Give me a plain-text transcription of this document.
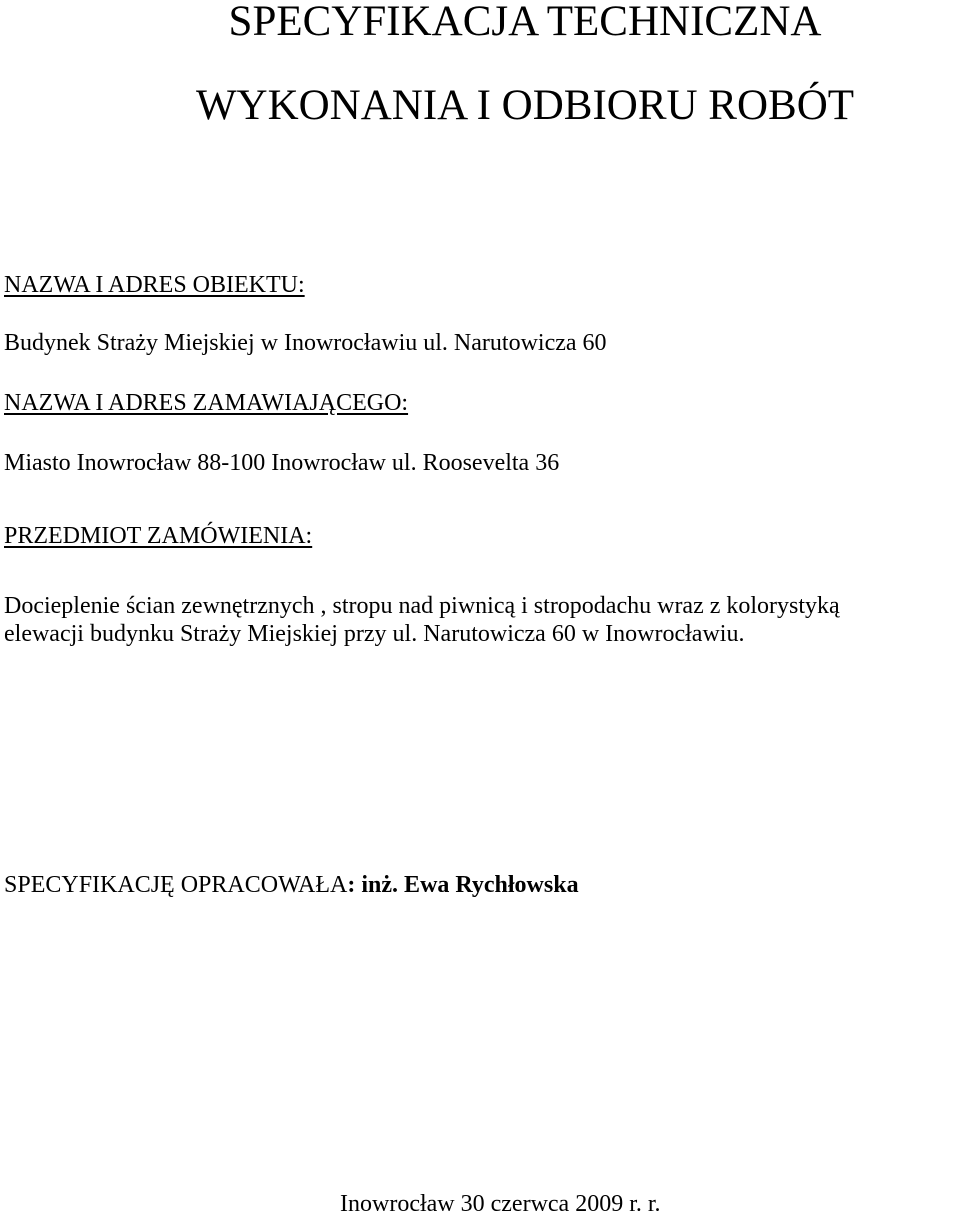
SPECYFIKACJA TECHNICZNA
WYKONANIA I ODBIORU ROBÓT
NAZWA I ADRES OBIEKTU:
Budynek Straży Miejskiej w Inowrocławiu ul. Narutowicza 60
NAZWA I ADRES ZAMAWIAJĄCEGO:
Miasto Inowrocław 88-100 Inowrocław ul. Roosevelta 36
PRZEDMIOT ZAMÓWIENIA:
Docieplenie ścian zewnętrznych , stropu nad piwnicą i stropodachu wraz z kolorystyką
elewacji budynku Straży Miejskiej przy ul. Narutowicza 60 w Inowrocławiu.
SPECYFIKACJĘ OPRACOWAŁA: inż. Ewa Rychłowska
Inowrocław 30 czerwca 2009 r. r.
